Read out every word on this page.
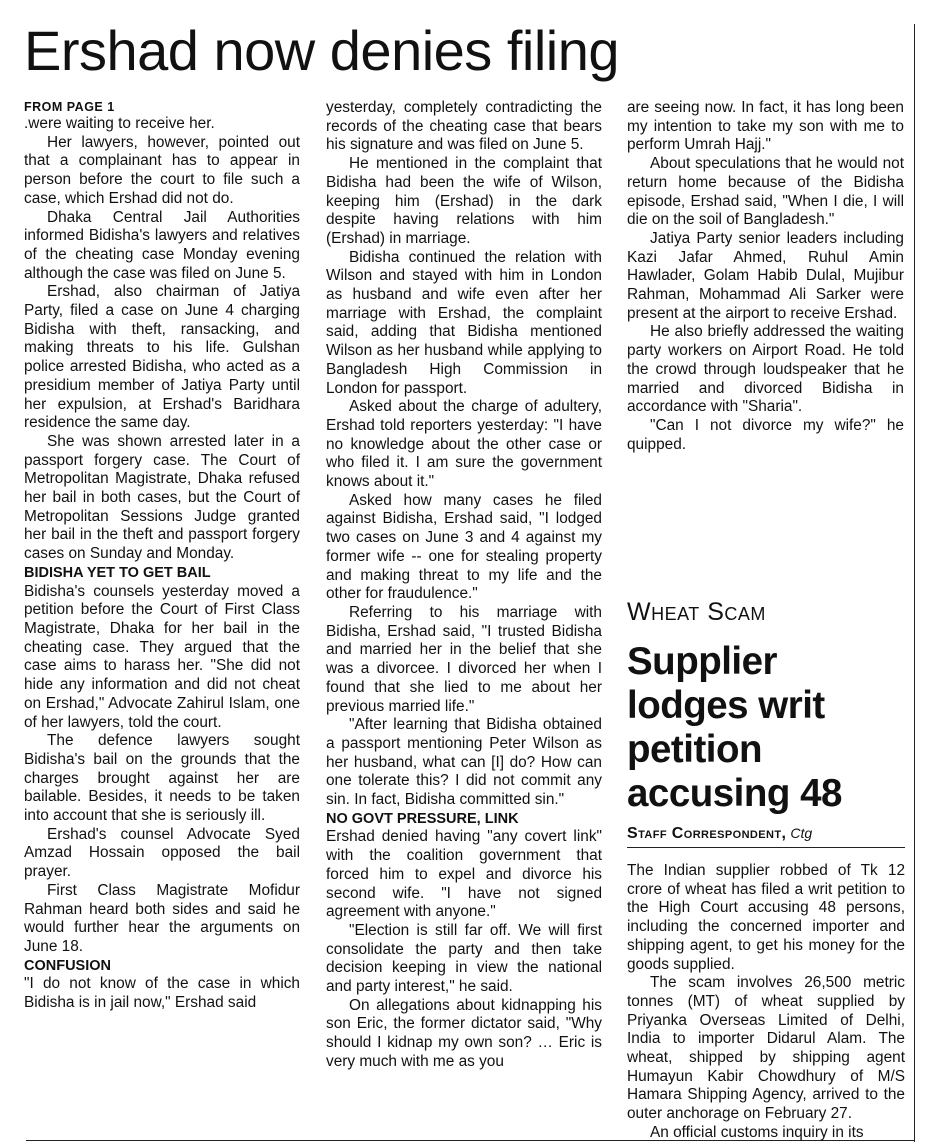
Ershad now denies filing
FROM PAGE 1

.were waiting to receive her.

Her lawyers, however, pointed out that a complainant has to appear in person before the court to file such a case, which Ershad did not do.

Dhaka Central Jail Authorities informed Bidisha's lawyers and relatives of the cheating case Monday evening although the case was filed on June 5.

Ershad, also chairman of Jatiya Party, filed a case on June 4 charging Bidisha with theft, ransacking, and making threats to his life. Gulshan police arrested Bidisha, who acted as a presidium member of Jatiya Party until her expulsion, at Ershad's Baridhara residence the same day.

She was shown arrested later in a passport forgery case. The Court of Metropolitan Magistrate, Dhaka refused her bail in both cases, but the Court of Metropolitan Sessions Judge granted her bail in the theft and passport forgery cases on Sunday and Monday.

BIDISHA YET TO GET BAIL

Bidisha's counsels yesterday moved a petition before the Court of First Class Magistrate, Dhaka for her bail in the cheating case. They argued that the case aims to harass her. "She did not hide any information and did not cheat on Ershad," Advocate Zahirul Islam, one of her lawyers, told the court.

The defence lawyers sought Bidisha's bail on the grounds that the charges brought against her are bailable. Besides, it needs to be taken into account that she is seriously ill.

Ershad's counsel Advocate Syed Amzad Hossain opposed the bail prayer.

First Class Magistrate Mofidur Rahman heard both sides and said he would further hear the arguments on June 18.

CONFUSION

"I do not know of the case in which Bidisha is in jail now," Ershad said

yesterday, completely contradicting the records of the cheating case that bears his signature and was filed on June 5.

He mentioned in the complaint that Bidisha had been the wife of Wilson, keeping him (Ershad) in the dark despite having relations with him (Ershad) in marriage.

Bidisha continued the relation with Wilson and stayed with him in London as husband and wife even after her marriage with Ershad, the complaint said, adding that Bidisha mentioned Wilson as her husband while applying to Bangladesh High Commission in London for passport.

Asked about the charge of adultery, Ershad told reporters yesterday: "I have no knowledge about the other case or who filed it. I am sure the government knows about it."

Asked how many cases he filed against Bidisha, Ershad said, "I lodged two cases on June 3 and 4 against my former wife -- one for stealing property and making threat to my life and the other for fraudulence."

Referring to his marriage with Bidisha, Ershad said, "I trusted Bidisha and married her in the belief that she was a divorcee. I divorced her when I found that she lied to me about her previous married life."

"After learning that Bidisha obtained a passport mentioning Peter Wilson as her husband, what can [I] do? How can one tolerate this? I did not commit any sin. In fact, Bidisha committed sin."

NO GOVT PRESSURE, LINK

Ershad denied having "any covert link" with the coalition government that forced him to expel and divorce his second wife. "I have not signed agreement with anyone."

"Election is still far off. We will first consolidate the party and then take decision keeping in view the national and party interest," he said.

On allegations about kidnapping his son Eric, the former dictator said, "Why should I kidnap my own son? … Eric is very much with me as you

are seeing now. In fact, it has long been my intention to take my son with me to perform Umrah Hajj."

About speculations that he would not return home because of the Bidisha episode, Ershad said, "When I die, I will die on the soil of Bangladesh."

Jatiya Party senior leaders including Kazi Jafar Ahmed, Ruhul Amin Hawlader, Golam Habib Dulal, Mujibur Rahman, Mohammad Ali Sarker were present at the airport to receive Ershad.

He also briefly addressed the waiting party workers on Airport Road. He told the crowd through loudspeaker that he married and divorced Bidisha in accordance with "Sharia".

"Can I not divorce my wife?" he quipped.

Wheat Scam
Supplier lodges writ petition accusing 48
Staff Correspondent, Ctg

The Indian supplier robbed of Tk 12 crore of wheat has filed a writ petition to the High Court accusing 48 persons, including the concerned importer and shipping agent, to get his money for the goods supplied.

The scam involves 26,500 metric tonnes (MT) of wheat supplied by Priyanka Overseas Limited of Delhi, India to importer Didarul Alam. The wheat, shipped by shipping agent Humayun Kabir Chowdhury of M/S Hamara Shipping Agency, arrived to the outer anchorage on February 27.

An official customs inquiry in its
